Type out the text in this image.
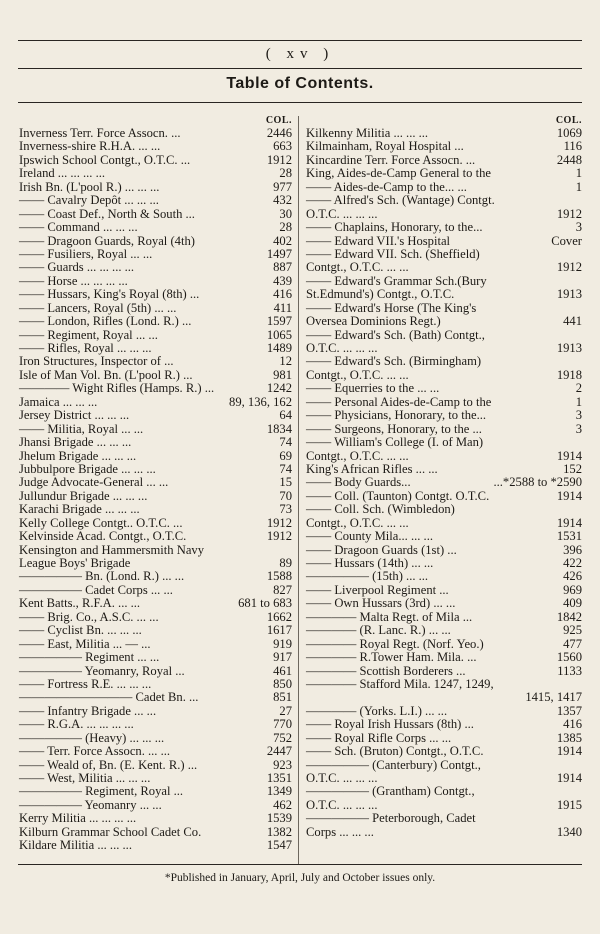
( xv )
Table of Contents.
COL.
Inverness Terr. Force Assocn. ...	2446
Inverness-shire R.H.A. ... ...	663
Ipswich School Contgt., O.T.C. ...	1912
Ireland ... ... ... ...	28
Irish Bn. (L'pool R.) ... ... ...	977
—— Cavalry Depôt ... ... ...	432
—— Coast Def., North & South ...	30
—— Command ... ... ...	28
—— Dragoon Guards, Royal (4th)	402
—— Fusiliers, Royal ... ...	1497
—— Guards ... ... ... ...	887
—— Horse ... ... ... ...	439
—— Hussars, King's Royal (8th) ...	416
—— Lancers, Royal (5th) ... ...	411
—— London, Rifles (Lond. R.) ...	1597
—— Regiment, Royal ... ...	1065
—— Rifles, Royal ... ... ...	1489
Iron Structures, Inspector of ...	12
Isle of Man Vol. Bn. (L'pool R.) ...	981
———— Wight Rifles (Hamps. R.) ...	1242
Jamaica ... ... ...	89, 136, 162
Jersey District ... ... ...	64
—— Militia, Royal ... ...	1834
Jhansi Brigade ... ... ...	74
Jhelum Brigade ... ... ...	69
Jubbulpore Brigade ... ... ...	74
Judge Advocate-General ... ...	15
Jullundur Brigade ... ... ...	70
Karachi Brigade ... ... ...	73
Kelly College Contgt.. O.T.C. ...	1912
Kelvinside Acad. Contgt., O.T.C.	1912
Kensington and Hammersmith Navy
League Boys' Brigade	89
————— Bn. (Lond. R.) ... ...	1588
————— Cadet Corps ... ...	827
Kent Batts., R.F.A. ... ...	681 to 683
—— Brig. Co., A.S.C. ... ...	1662
—— Cyclist Bn. ... ... ...	1617
—— East, Militia ... — ...	919
————— Regiment ... ...	917
————— Yeomanry, Royal ...	461
—— Fortress R.E. ... ... ...	850
————————— Cadet Bn. ...	851
—— Infantry Brigade ... ...	27
—— R.G.A. ... ... ... ...	770
————— (Heavy) ... ... ...	752
—— Terr. Force Assocn. ... ...	2447
—— Weald of, Bn. (E. Kent. R.) ...	923
—— West, Militia ... ... ...	1351
————— Regiment, Royal ...	1349
————— Yeomanry ... ...	462
Kerry Militia ... ... ... ...	1539
Kilburn Grammar School Cadet Co.	1382
Kildare Militia ... ... ...	1547
COL.
Kilkenny Militia ... ... ...	1069
Kilmainham, Royal Hospital ...	116
Kincardine Terr. Force Assocn. ...	2448
King, Aides-de-Camp General to the	1
—— Aides-de-Camp to the... ...	1
—— Alfred's Sch. (Wantage) Contgt.
O.T.C. ... ... ...	1912
—— Chaplains, Honorary, to the...	3
—— Edward VII.'s Hospital	Cover
—— Edward VII. Sch. (Sheffield)
Contgt., O.T.C. ... ...	1912
—— Edward's Grammar Sch.(Bury
St.Edmund's) Contgt., O.T.C.	1913
—— Edward's Horse (The King's
Oversea Dominions Regt.)	441
—— Edward's Sch. (Bath) Contgt.,
O.T.C. ... ... ...	1913
—— Edward's Sch. (Birmingham)
Contgt., O.T.C. ... ...	1918
—— Equerries to the ... ...	2
—— Personal Aides-de-Camp to the	1
—— Physicians, Honorary, to the...	3
—— Surgeons, Honorary, to the ...	3
—— William's College (I. of Man)
Contgt., O.T.C. ... ...	1914
King's African Rifles ... ...	152
—— Body Guards...	...*2588 to *2590
—— Coll. (Taunton) Contgt. O.T.C.	1914
—— Coll. Sch. (Wimbledon)
Contgt., O.T.C. ... ...	1914
—— County Mila... ... ...	1531
—— Dragoon Guards (1st) ...	396
—— Hussars (14th) ... ...	422
————— (15th) ... ...	426
—— Liverpool Regiment ...	969
—— Own Hussars (3rd) ... ...	409
———— Malta Regt. of Mila ...	1842
———— (R. Lanc. R.) ... ...	925
———— Royal Regt. (Norf. Yeo.)	477
———— R.Tower Ham. Mila. ...	1560
———— Scottish Borderers ...	1133
———— Stafford Mila. 1247, 1249,
1415, 1417
———— (Yorks. L.I.) ... ...	1357
—— Royal Irish Hussars (8th) ...	416
—— Royal Rifle Corps ... ...	1385
—— Sch. (Bruton) Contgt., O.T.C.	1914
————— (Canterbury) Contgt.,
O.T.C. ... ... ...	1914
————— (Grantham) Contgt.,
O.T.C. ... ... ...	1915
————— Peterborough, Cadet
Corps ... ... ...	1340
*Published in January, April, July and October issues only.
